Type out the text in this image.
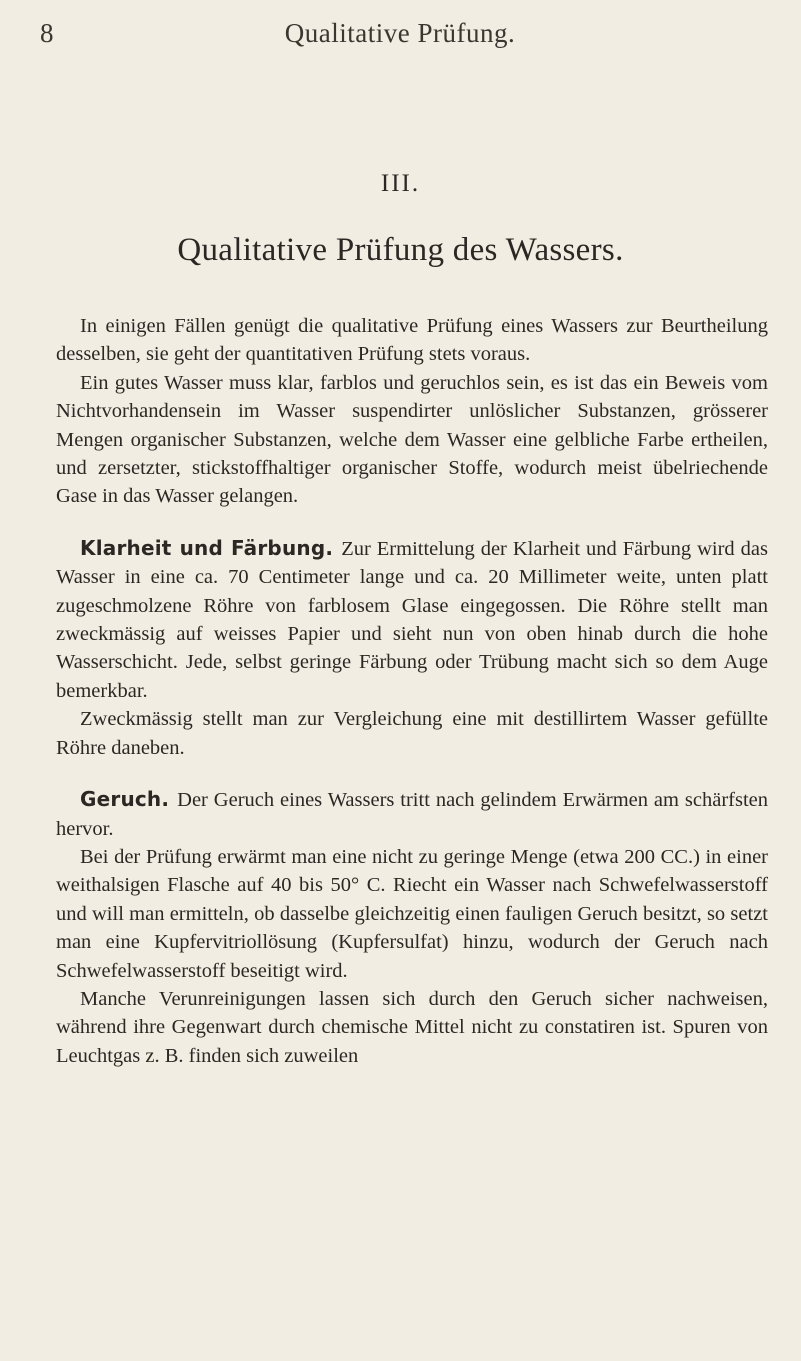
8	Qualitative Prüfung.
III.
Qualitative Prüfung des Wassers.

In einigen Fällen genügt die qualitative Prüfung eines Wassers zur Beurtheilung desselben, sie geht der quantitativen Prüfung stets voraus.

Ein gutes Wasser muss klar, farblos und geruchlos sein, es ist das ein Beweis vom Nichtvorhandensein im Wasser suspendirter unlöslicher Substanzen, grösserer Mengen organischer Substanzen, welche dem Wasser eine gelbliche Farbe ertheilen, und zersetzter, stickstoffhaltiger organischer Stoffe, wodurch meist übelriechende Gase in das Wasser gelangen.

Klarheit und Färbung. Zur Ermittelung der Klarheit und Färbung wird das Wasser in eine ca. 70 Centimeter lange und ca. 20 Millimeter weite, unten platt zugeschmolzene Röhre von farblosem Glase eingegossen. Die Röhre stellt man zweckmässig auf weisses Papier und sieht nun von oben hinab durch die hohe Wasserschicht. Jede, selbst geringe Färbung oder Trübung macht sich so dem Auge bemerkbar.

Zweckmässig stellt man zur Vergleichung eine mit destillirtem Wasser gefüllte Röhre daneben.

Geruch. Der Geruch eines Wassers tritt nach gelindem Erwärmen am schärfsten hervor.

Bei der Prüfung erwärmt man eine nicht zu geringe Menge (etwa 200 CC.) in einer weithalsigen Flasche auf 40 bis 50° C. Riecht ein Wasser nach Schwefelwasserstoff und will man ermitteln, ob dasselbe gleichzeitig einen fauligen Geruch besitzt, so setzt man eine Kupfervitriollösung (Kupfersulfat) hinzu, wodurch der Geruch nach Schwefelwasserstoff beseitigt wird.

Manche Verunreinigungen lassen sich durch den Geruch sicher nachweisen, während ihre Gegenwart durch chemische Mittel nicht zu constatiren ist. Spuren von Leuchtgas z. B. finden sich zuweilen
